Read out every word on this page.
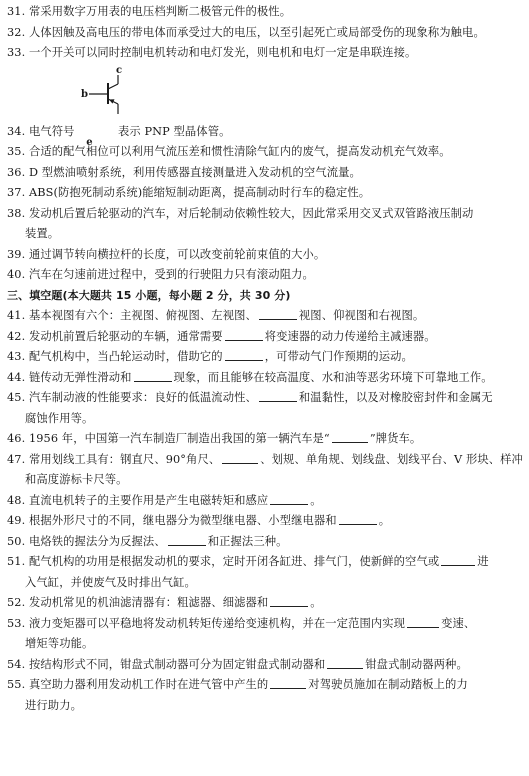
31. 常采用数字万用表的电压档判断二极管元件的极性。
32. 人体因触及高电压的带电体而承受过大的电压，以至引起死亡或局部受伤的现象称为触电。
33. 一个开关可以同时控制电机转动和电灯发光，则电机和电灯一定是串联连接。
c
b
34. 电气符号
e
表示 PNP 型晶体管。
35. 合适的配气相位可以利用气流压差和惯性清除气缸内的废气，提高发动机充气效率。
36. D 型燃油喷射系统，利用传感器直接测量进入发动机的空气流量。
37. ABS(防抱死制动系统)能缩短制动距离，提高制动时行车的稳定性。
38. 发动机后置后轮驱动的汽车，对后轮制动依赖性较大，因此常采用交叉式双管路液压制动
装置。
39. 通过调节转向横拉杆的长度，可以改变前轮前束值的大小。
40. 汽车在匀速前进过程中，受到的行驶阻力只有滚动阻力。
三、填空题(本大题共 15 小题，每小题 2 分，共 30 分)
41. 基本视图有六个：主视图、俯视图、左视图、	视图、仰视图和右视图。
42. 发动机前置后轮驱动的车辆，通常需要	将变速器的动力传递给主减速器。
43. 配气机构中，当凸轮运动时，借助它的	，可带动气门作预期的运动。
44. 链传动无弹性滑动和	现象，而且能够在较高温度、水和油等恶劣环境下可靠地工作。
45. 汽车制动液的性能要求：良好的低温流动性、	和温黏性，以及对橡胶密封件和金属无
腐蚀作用等。
46. 1956 年，中国第一汽车制造厂制造出我国的第一辆汽车是“	”牌货车。
47. 常用划线工具有：钢直尺、90°角尺、	、划规、单角规、划线盘、划线平台、V 形块、样冲
和高度游标卡尺等。
48. 直流电机转子的主要作用是产生电磁转矩和感应	。
49. 根据外形尺寸的不同，继电器分为微型继电器、小型继电器和	。
50. 电烙铁的握法分为反握法、	和正握法三种。
51. 配气机构的功用是根据发动机的要求，定时开闭各缸进、排气门，使新鲜的空气或	进
入气缸，并使废气及时排出气缸。
52. 发动机常见的机油滤清器有：粗滤器、细滤器和	。
53. 液力变矩器可以平稳地将发动机转矩传递给变速机构，并在一定范围内实现	变速、
增矩等功能。
54. 按结构形式不同，钳盘式制动器可分为固定钳盘式制动器和	钳盘式制动器两种。
55. 真空助力器利用发动机工作时在进气管中产生的	对驾驶员施加在制动踏板上的力
进行助力。
